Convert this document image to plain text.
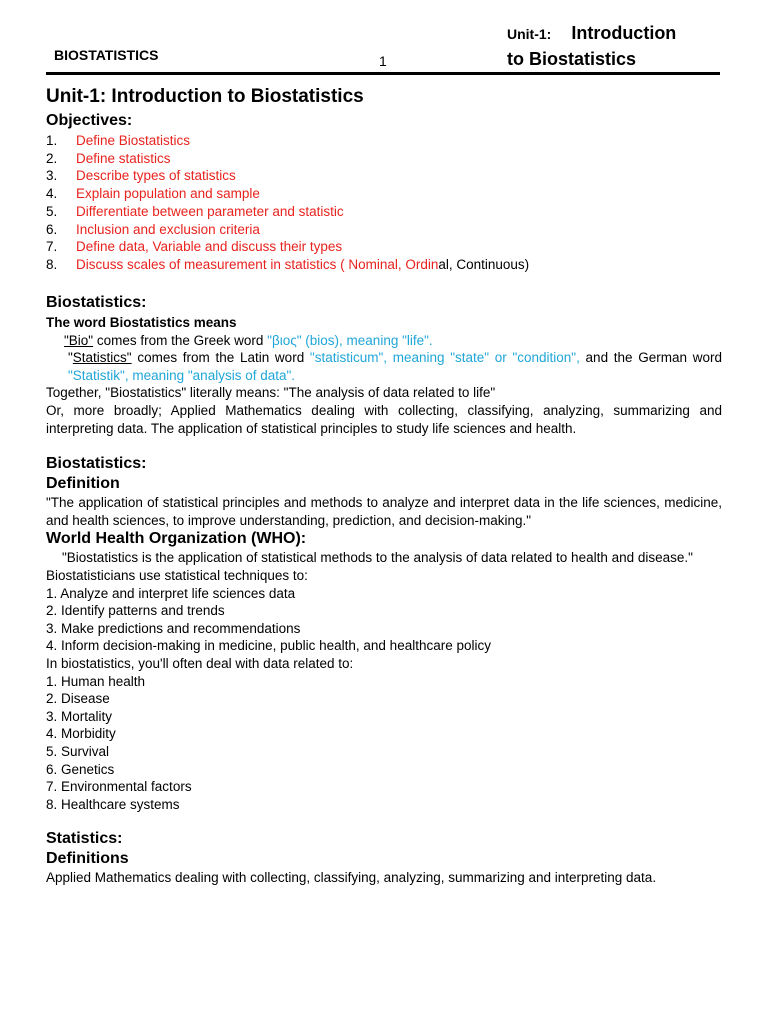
BIOSTATISTICS	1
Unit-1: Introduction
to Biostatistics
Unit-1: Introduction to Biostatistics
Objectives:
1. Define Biostatistics
2. Define statistics
3. Describe types of statistics
4. Explain population and sample
5. Differentiate between parameter and statistic
6. Inclusion and exclusion criteria
7. Define data, Variable and discuss their types
8. Discuss scales of measurement in statistics ( Nominal, Ordinal, Continuous)
Biostatistics:
The word Biostatistics means

"Bio" comes from the Greek word "βιος" (bios), meaning "life".

"Statistics" comes from the Latin word "statisticum", meaning "state" or "condition", and the German word "Statistik", meaning "analysis of data".

Together, "Biostatistics" literally means: "The analysis of data related to life"

Or, more broadly; Applied Mathematics dealing with collecting, classifying, analyzing, summarizing and interpreting data. The application of statistical principles to study life sciences and health.

Biostatistics:
Definition

"The application of statistical principles and methods to analyze and interpret data in the life sciences, medicine, and health sciences, to improve understanding, prediction, and decision-making."

World Health Organization (WHO):

"Biostatistics is the application of statistical methods to the analysis of data related to health and disease."

Biostatisticians use statistical techniques to:

1. Analyze and interpret life sciences data

2. Identify patterns and trends

3. Make predictions and recommendations

4. Inform decision-making in medicine, public health, and healthcare policy

In biostatistics, you'll often deal with data related to:

1. Human health

2. Disease

3. Mortality

4. Morbidity

5. Survival

6. Genetics

7. Environmental factors

8. Healthcare systems

Statistics:
Definitions

Applied Mathematics dealing with collecting, classifying, analyzing, summarizing and interpreting data.
